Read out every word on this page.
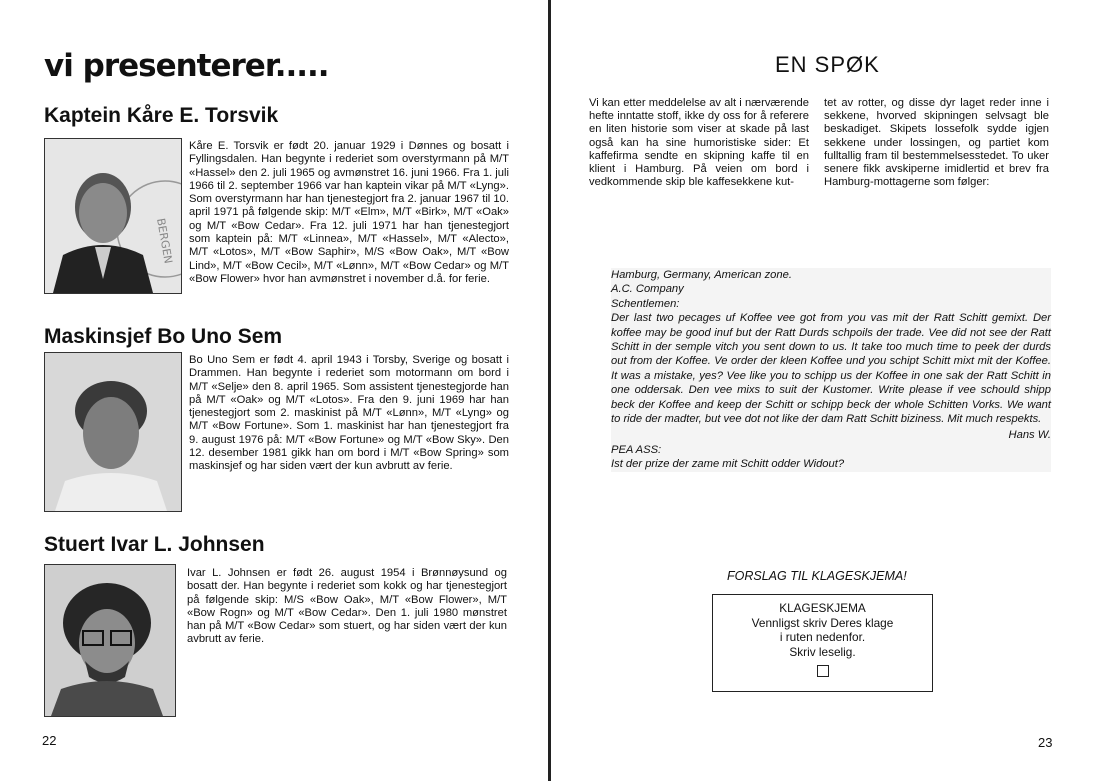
vi presenterer.....
Kaptein Kåre E. Torsvik
BERGEN

Kåre E. Torsvik er født 20. januar 1929 i Dønnes og bosatt i Fyllingsdalen. Han begynte i rederiet som overstyrmann på M/T «Hassel» den 2. juli 1965 og avmønstret 16. juni 1966. Fra 1. juli 1966 til 2. september 1966 var han kaptein vikar på M/T «Lyng». Som overstyrmann har han tjenestegjort fra 2. januar 1967 til 10. april 1971 på følgende skip: M/T «Elm», M/T «Birk», M/T «Oak» og M/T «Bow Cedar». Fra 12. juli 1971 har han tjenestegjort som kaptein på: M/T «Linnea», M/T «Hassel», M/T «Alecto», M/T «Lotos», M/T «Bow Saphir», M/S «Bow Oak», M/T «Bow Lind», M/T «Bow Cecil», M/T «Lønn», M/T «Bow Cedar» og M/T «Bow Flower» hvor han avmønstret i november d.å. for ferie.

Maskinsjef Bo Uno Sem

Bo Uno Sem er født 4. april 1943 i Torsby, Sverige og bosatt i Drammen. Han begynte i rederiet som motormann om bord i M/T «Selje» den 8. april 1965. Som assistent tjenestegjorde han på M/T «Oak» og M/T «Lotos». Fra den 9. juni 1969 har han tjenestegjort som 2. maskinist på M/T «Lønn», M/T «Lyng» og M/T «Bow Fortune». Som 1. maskinist har han tjenestegjort fra 9. august 1976 på: M/T «Bow Fortune» og M/T «Bow Sky». Den 12. desember 1981 gikk han om bord i M/T «Bow Spring» som maskinsjef og har siden vært der kun avbrutt av ferie.

Stuert Ivar L. Johnsen

Ivar L. Johnsen er født 26. august 1954 i Brønnøysund og bosatt der. Han begynte i rederiet som kokk og har tjenestegjort på følgende skip: M/S «Bow Oak», M/T «Bow Flower», M/T «Bow Rogn» og M/T «Bow Cedar». Den 1. juli 1980 mønstret han på M/T «Bow Cedar» som stuert, og har siden vært der kun avbrutt av ferie.

22
EN SPØK

Vi kan etter meddelelse av alt i nærværende hefte inntatte stoff, ikke dy oss for å referere en liten historie som viser at skade på last også kan ha sine humoristiske sider: Et kaffefirma sendte en skipning kaffe til en klient i Hamburg. På veien om bord i vedkommende skip ble kaffesekkene kut-

tet av rotter, og disse dyr laget reder inne i sekkene, hvorved skipningen selvsagt ble beskadiget. Skipets lossefolk sydde igjen sekkene under lossingen, og partiet kom fulltallig fram til bestemmelsesstedet. To uker senere fikk avskiperne imidlertid et brev fra Hamburg-mottagerne som følger:

Hamburg, Germany, American zone.

A.C. Company

Schentlemen:

Der last two pecages uf Koffee vee got from you vas mit der Ratt Schitt gemixt. Der koffee may be good inuf but der Ratt Durds schpoils der trade. Vee did not see der Ratt Schitt in der semple vitch you sent down to us. It take too much time to peek der durds out from der Koffee. Ve order der kleen Koffee und you schipt Schitt mixt mit der Koffee. It was a mistake, yes? Vee like you to schipp us der Koffee in one sak der Ratt Schitt in one oddersak. Den vee mixs to suit der Kustomer. Write please if vee schould shipp beck der Koffee and keep der Schitt or schipp beck der whole Schitten Vorks. We want to ride der madter, but vee dot not like der dam Ratt Schitt biziness. Mit much respekts.

Hans W.

PEA ASS:

Ist der prize der zame mit Schitt odder Widout?

FORSLAG TIL KLAGESKJEMA!
KLAGESKJEMA
Vennligst skriv Deres klage
i ruten nedenfor.
Skriv leselig.
23
